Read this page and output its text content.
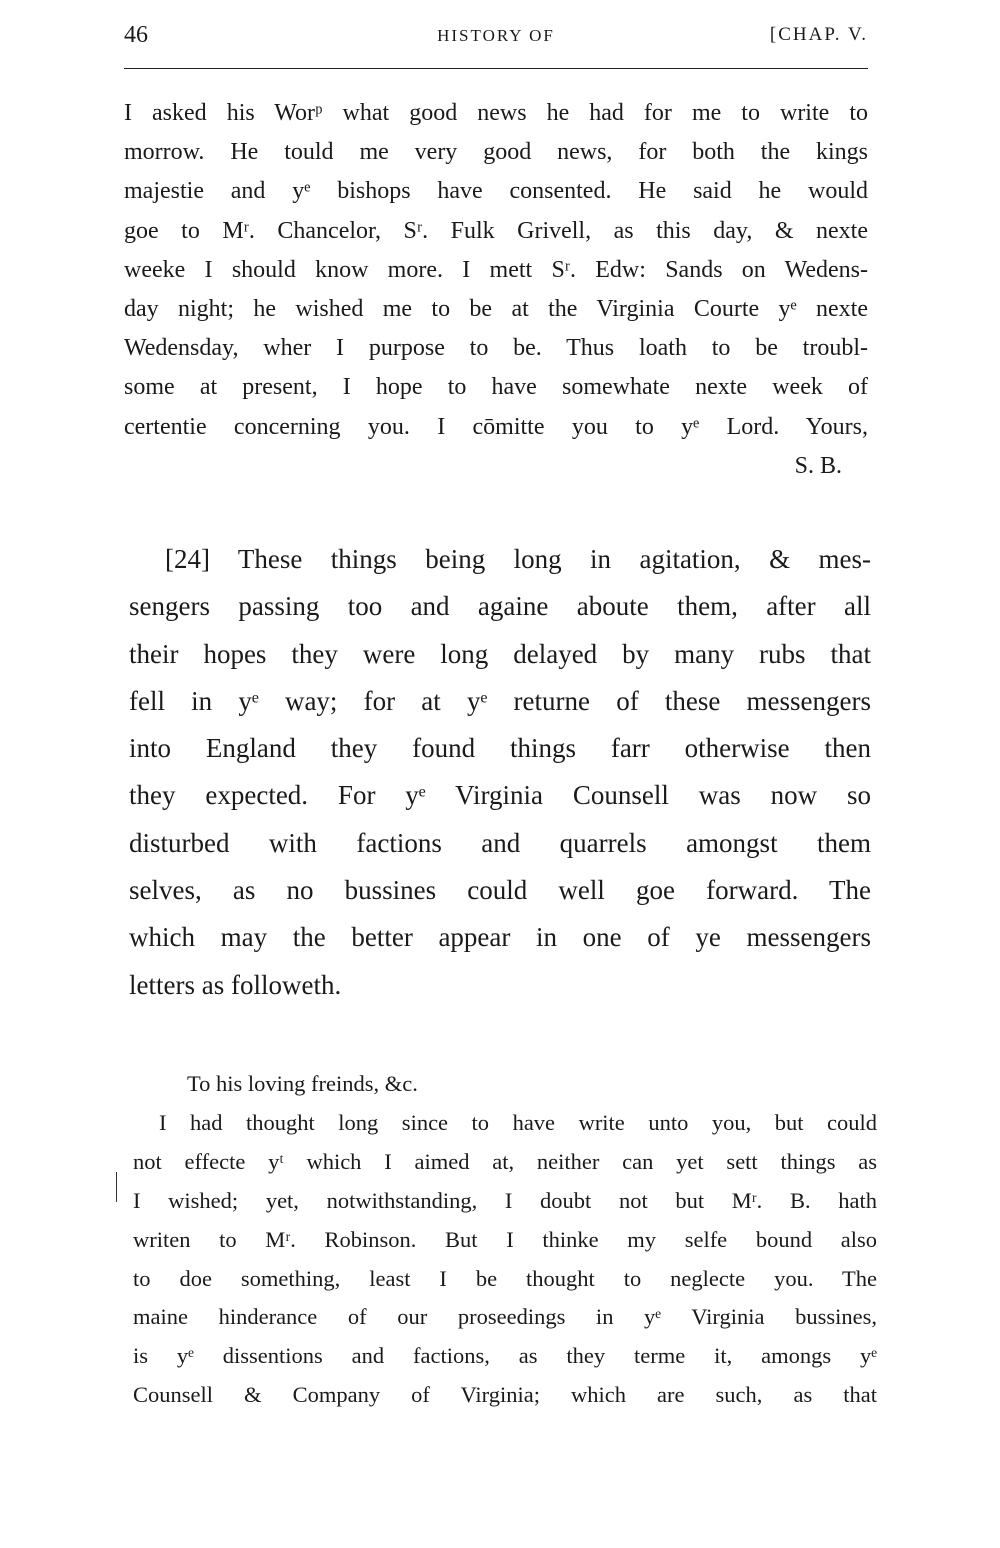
46	HISTORY OF	[CHAP. V.
I asked his Worᵖ what good news he had for me to write to
morrow. He tould me very good news, for both the kings
majestie and yᵉ bishops have consented. He said he would
goe to Mʳ. Chancelor, Sʳ. Fulk Grivell, as this day, & nexte
weeke I should know more. I mett Sʳ. Edw: Sands on Wedens-
day night; he wished me to be at the Virginia Courte yᵉ nexte
Wedensday, wher I purpose to be. Thus loath to be troubl-
some at present, I hope to have somewhate nexte week of
certentie concerning you. I cōmitte you to yᵉ Lord. Yours,
S. B.
[24] These things being long in agitation, & mes-
sengers passing too and againe aboute them, after all
their hopes they were long delayed by many rubs that
fell in yᵉ way; for at yᵉ returne of these messengers
into England they found things farr otherwise then
they expected. For yᵉ Virginia Counsell was now so
disturbed with factions and quarrels amongst them
selves, as no bussines could well goe forward. The
which may the better appear in one of ye messengers
letters as followeth.
To his loving freinds, &c.
I had thought long since to have write unto you, but could
not effecte yᵗ which I aimed at, neither can yet sett things as
I wished; yet, notwithstanding, I doubt not but Mʳ. B. hath
writen to Mʳ. Robinson. But I thinke my selfe bound also
to doe something, least I be thought to neglecte you. The
maine hinderance of our proseedings in yᵉ Virginia bussines,
is yᵉ dissentions and factions, as they terme it, amongs yᵉ
Counsell & Company of Virginia; which are such, as that
